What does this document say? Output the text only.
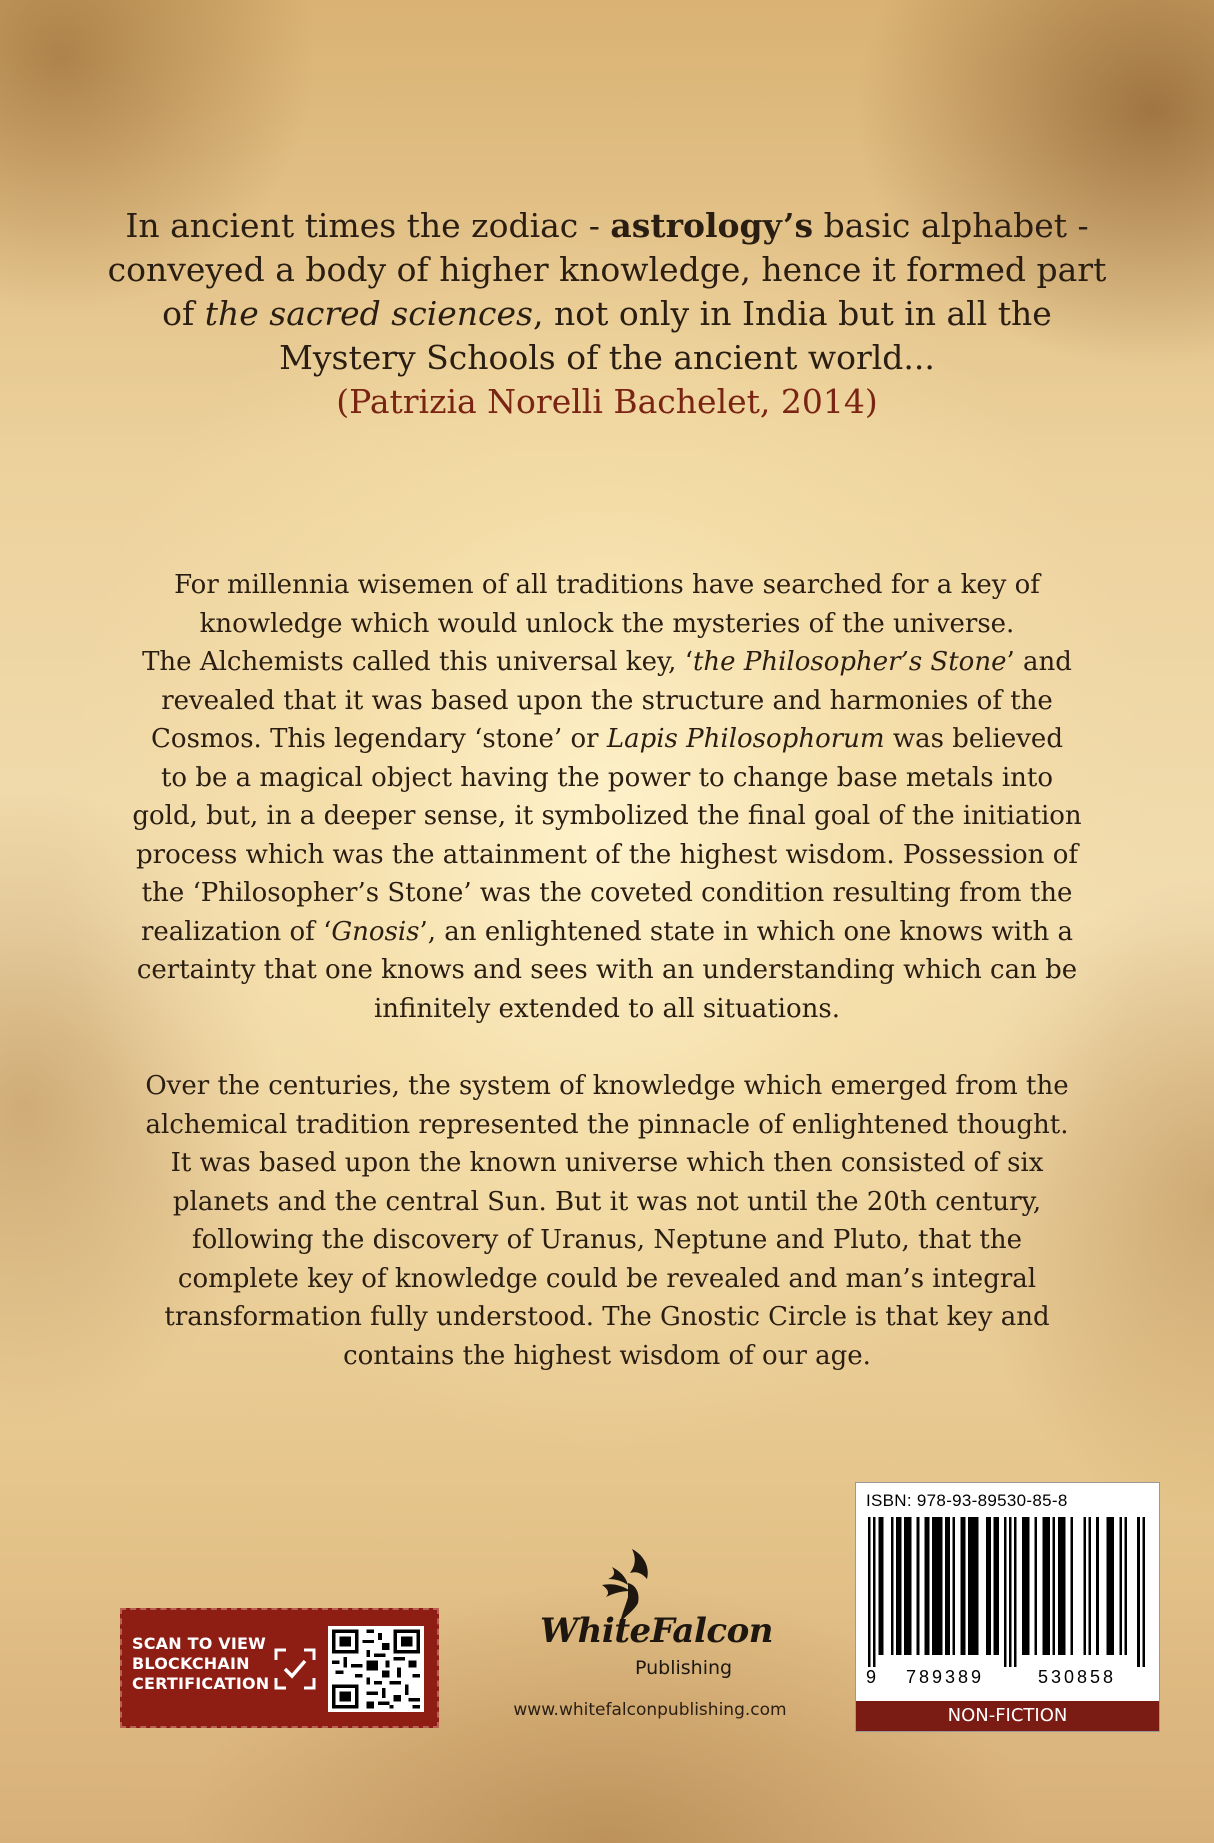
In ancient times the zodiac - astrology’s basic alphabet -
conveyed a body of higher knowledge, hence it formed part
of the sacred sciences, not only in India but in all the
Mystery Schools of the ancient world...
(Patrizia Norelli Bachelet, 2014)
For millennia wisemen of all traditions have searched for a key of
knowledge which would unlock the mysteries of the universe.
The Alchemists called this universal key, ‘the Philosopher’s Stone’ and
revealed that it was based upon the structure and harmonies of the
Cosmos. This legendary ‘stone’ or Lapis Philosophorum was believed
to be a magical object having the power to change base metals into
gold, but, in a deeper sense, it symbolized the final goal of the initiation
process which was the attainment of the highest wisdom. Possession of
the ‘Philosopher’s Stone’ was the coveted condition resulting from the
realization of ‘Gnosis’, an enlightened state in which one knows with a
certainty that one knows and sees with an understanding which can be
infinitely extended to all situations.
Over the centuries, the system of knowledge which emerged from the
alchemical tradition represented the pinnacle of enlightened thought.
It was based upon the known universe which then consisted of six
planets and the central Sun. But it was not until the 20th century,
following the discovery of Uranus, Neptune and Pluto, that the
complete key of knowledge could be revealed and man’s integral
transformation fully understood. The Gnostic Circle is that key and
contains the highest wisdom of our age.
SCAN TO VIEW
BLOCKCHAIN
CERTIFICATION
WhiteFalcon
Publishing
www.whitefalconpublishing.com
ISBN: 978-93-89530-85-8
9 789389	530858
NON-FICTION
